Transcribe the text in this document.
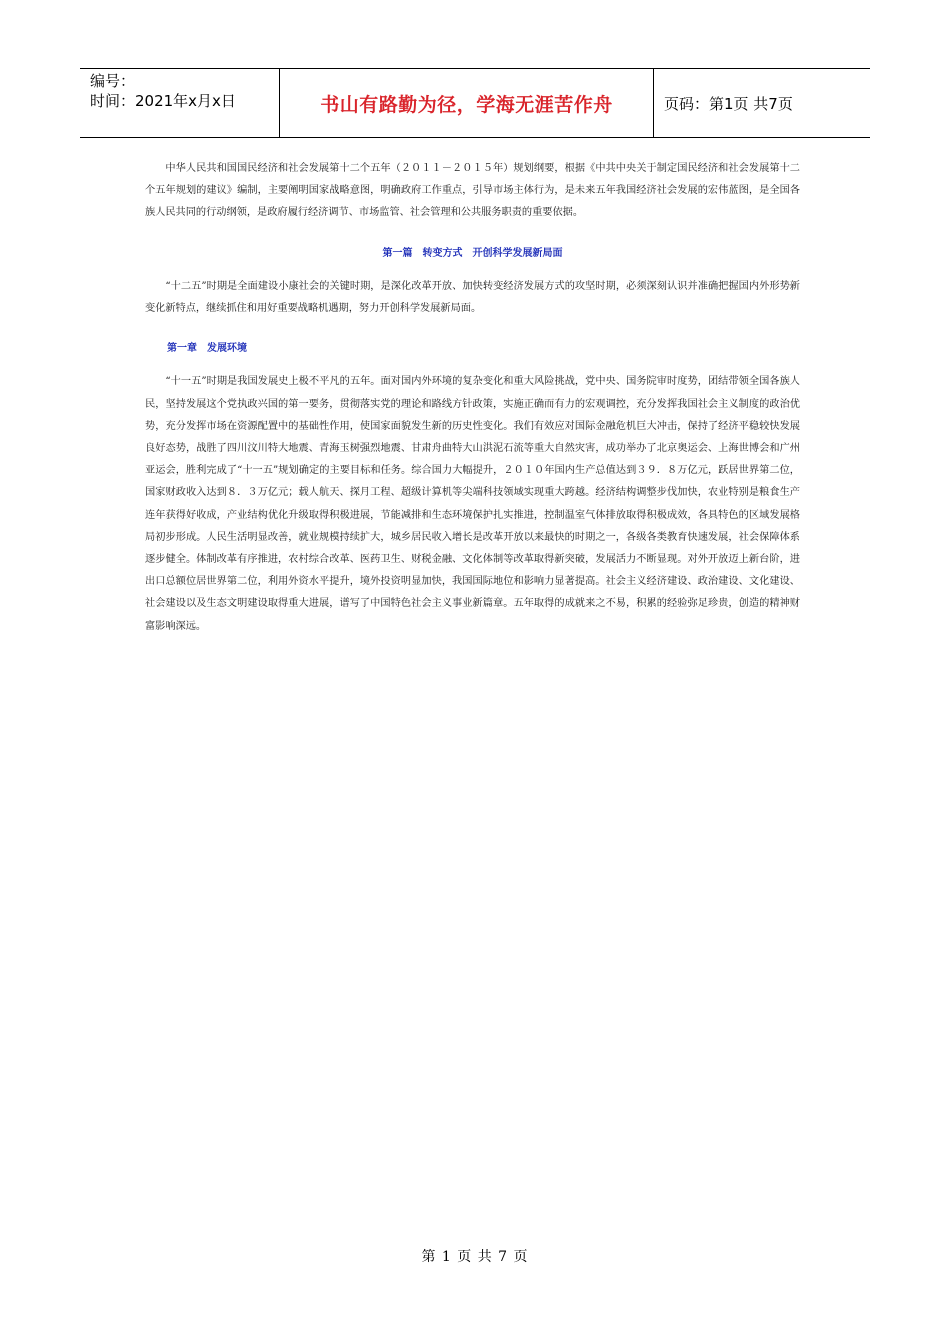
编号：
时间：2021年x月x日	书山有路勤为径，学海无涯苦作舟	页码：第1页 共7页

中华人民共和国国民经济和社会发展第十二个五年（２０１１－２０１５年）规划纲要，根据《中共中央关于制定国民经济和社会发展第十二个五年规划的建议》编制，主要阐明国家战略意图，明确政府工作重点，引导市场主体行为，是未来五年我国经济社会发展的宏伟蓝图，是全国各族人民共同的行动纲领，是政府履行经济调节、市场监管、社会管理和公共服务职责的重要依据。

第一篇　转变方式　开创科学发展新局面

“十二五”时期是全面建设小康社会的关键时期，是深化改革开放、加快转变经济发展方式的攻坚时期，必须深刻认识并准确把握国内外形势新变化新特点，继续抓住和用好重要战略机遇期，努力开创科学发展新局面。

第一章　发展环境

“十一五”时期是我国发展史上极不平凡的五年。面对国内外环境的复杂变化和重大风险挑战，党中央、国务院审时度势，团结带领全国各族人民，坚持发展这个党执政兴国的第一要务，贯彻落实党的理论和路线方针政策，实施正确而有力的宏观调控，充分发挥我国社会主义制度的政治优势，充分发挥市场在资源配置中的基础性作用，使国家面貌发生新的历史性变化。我们有效应对国际金融危机巨大冲击，保持了经济平稳较快发展良好态势，战胜了四川汶川特大地震、青海玉树强烈地震、甘肃舟曲特大山洪泥石流等重大自然灾害，成功举办了北京奥运会、上海世博会和广州亚运会，胜利完成了“十一五”规划确定的主要目标和任务。综合国力大幅提升，２０１０年国内生产总值达到３９．８万亿元，跃居世界第二位，国家财政收入达到８．３万亿元；载人航天、探月工程、超级计算机等尖端科技领域实现重大跨越。经济结构调整步伐加快，农业特别是粮食生产连年获得好收成，产业结构优化升级取得积极进展，节能减排和生态环境保护扎实推进，控制温室气体排放取得积极成效，各具特色的区域发展格局初步形成。人民生活明显改善，就业规模持续扩大，城乡居民收入增长是改革开放以来最快的时期之一，各级各类教育快速发展，社会保障体系逐步健全。体制改革有序推进，农村综合改革、医药卫生、财税金融、文化体制等改革取得新突破，发展活力不断显现。对外开放迈上新台阶，进出口总额位居世界第二位，利用外资水平提升，境外投资明显加快，我国国际地位和影响力显著提高。社会主义经济建设、政治建设、文化建设、社会建设以及生态文明建设取得重大进展，谱写了中国特色社会主义事业新篇章。五年取得的成就来之不易，积累的经验弥足珍贵，创造的精神财富影响深远。

第 1 页 共 7 页
